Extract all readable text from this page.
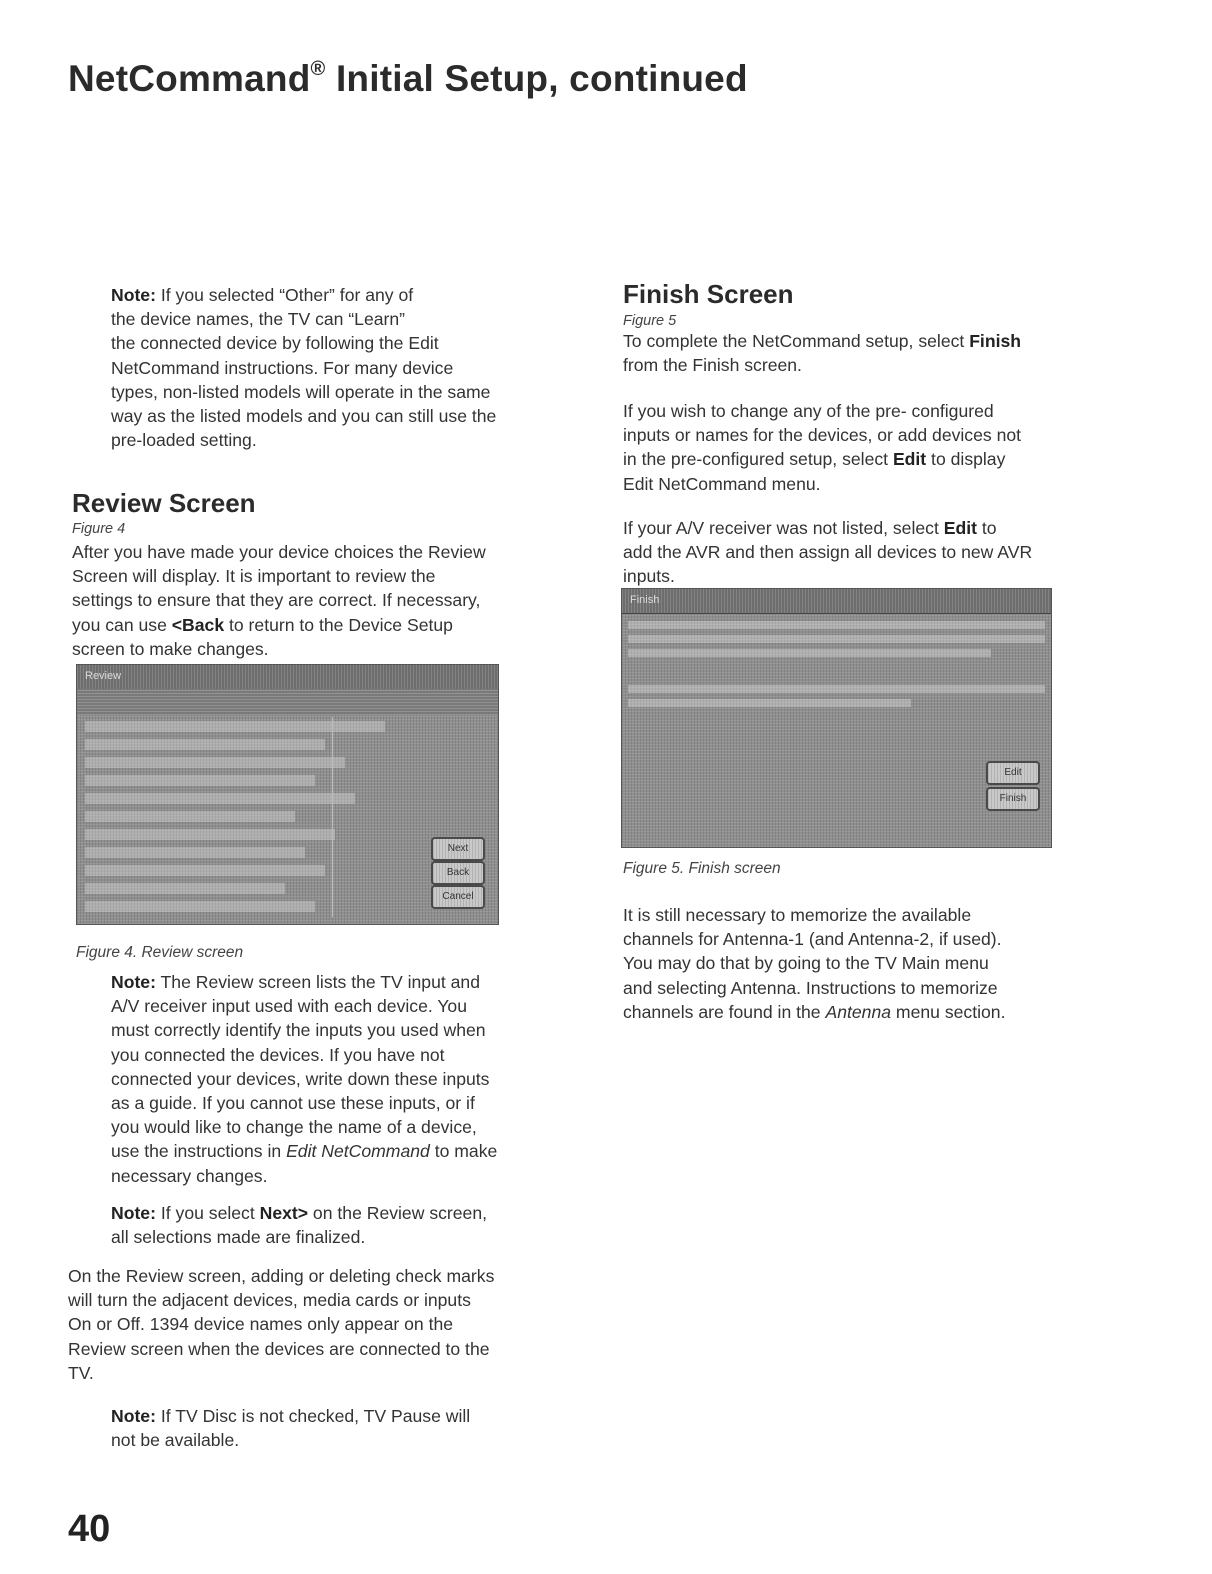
NetCommand® Initial Setup, continued

Note: If you selected “Other” for any of

the device names, the TV can “Learn”

the connected device by following the Edit

NetCommand instructions. For many device

types, non-listed models will operate in the same

way as the listed models and you can still use the

pre-loaded setting.

Review Screen

Figure 4

After you have made your device choices the Review

Screen will display. It is important to review the

settings to ensure that they are correct. If necessary,

you can use <Back to return to the Device Setup

screen to make changes.

Review
Next
Back
Cancel

Figure 4. Review screen

Note: The Review screen lists the TV input and

A/V receiver input used with each device. You

must correctly identify the inputs you used when

you connected the devices. If you have not

connected your devices, write down these inputs

as a guide. If you cannot use these inputs, or if

you would like to change the name of a device,

use the instructions in Edit NetCommand to make

necessary changes.

Note: If you select Next> on the Review screen,

all selections made are finalized.

On the Review screen, adding or deleting check marks

will turn the adjacent devices, media cards or inputs

On or Off. 1394 device names only appear on the

Review screen when the devices are connected to the

TV.

Note: If TV Disc is not checked, TV Pause will

not be available.

Finish Screen

Figure 5

To complete the NetCommand setup, select Finish

from the Finish screen.

If you wish to change any of the pre- configured

inputs or names for the devices, or add devices not

in the pre-configured setup, select Edit to display

Edit NetCommand menu.

If your A/V receiver was not listed, select Edit to

add the AVR and then assign all devices to new AVR

inputs.

Finish
Edit
Finish

Figure 5. Finish screen

It is still necessary to memorize the available

channels for Antenna-1 (and Antenna-2, if used).

You may do that by going to the TV Main menu

and selecting Antenna. Instructions to memorize

channels are found in the Antenna menu section.

40
